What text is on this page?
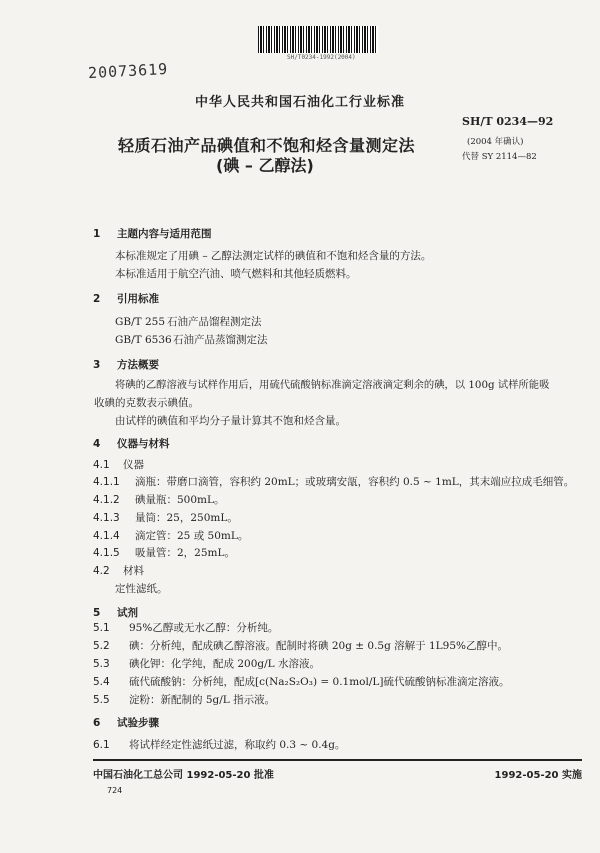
SH/T0234-1992(2004)
20073619
中华人民共和国石油化工行业标准
SH/T 0234—92
(2004 年确认)
代替 SY 2114—82
轻质石油产品碘值和不饱和烃含量测定法
(碘 – 乙醇法)
1 主题内容与适用范围
本标准规定了用碘 – 乙醇法测定试样的碘值和不饱和烃含量的方法。
本标准适用于航空汽油、喷气燃料和其他轻质燃料。
2 引用标准
GB/T 255 石油产品馏程测定法
GB/T 6536石油产品蒸馏测定法
3 方法概要
将碘的乙醇溶液与试样作用后，用硫代硫酸钠标准滴定溶液滴定剩余的碘，以 100g 试样所能吸
收碘的克数表示碘值。
由试样的碘值和平均分子量计算其不饱和烃含量。
4 仪器与材料
4.1 仪器
4.1.1 滴瓶：带磨口滴管，容积约 20mL；或玻璃安瓿，容积约 0.5 ~ 1mL，其末端应拉成毛细管。
4.1.2 碘量瓶：500mL。
4.1.3 量筒：25，250mL。
4.1.4 滴定管：25 或 50mL。
4.1.5 吸量管：2，25mL。
4.2 材料
定性滤纸。
5 试剂
5.1 95%乙醇或无水乙醇：分析纯。
5.2 碘：分析纯，配成碘乙醇溶液。配制时将碘 20g ± 0.5g 溶解于 1L95%乙醇中。
5.3 碘化钾：化学纯，配成 200g/L 水溶液。
5.4 硫代硫酸钠：分析纯，配成[c(Na₂S₂O₃) = 0.1mol/L]硫代硫酸钠标准滴定溶液。
5.5 淀粉：新配制的 5g/L 指示液。
6 试验步骤
6.1 将试样经定性滤纸过滤，称取约 0.3 ~ 0.4g。
中国石油化工总公司 1992-05-20 批准	1992-05-20 实施
724
